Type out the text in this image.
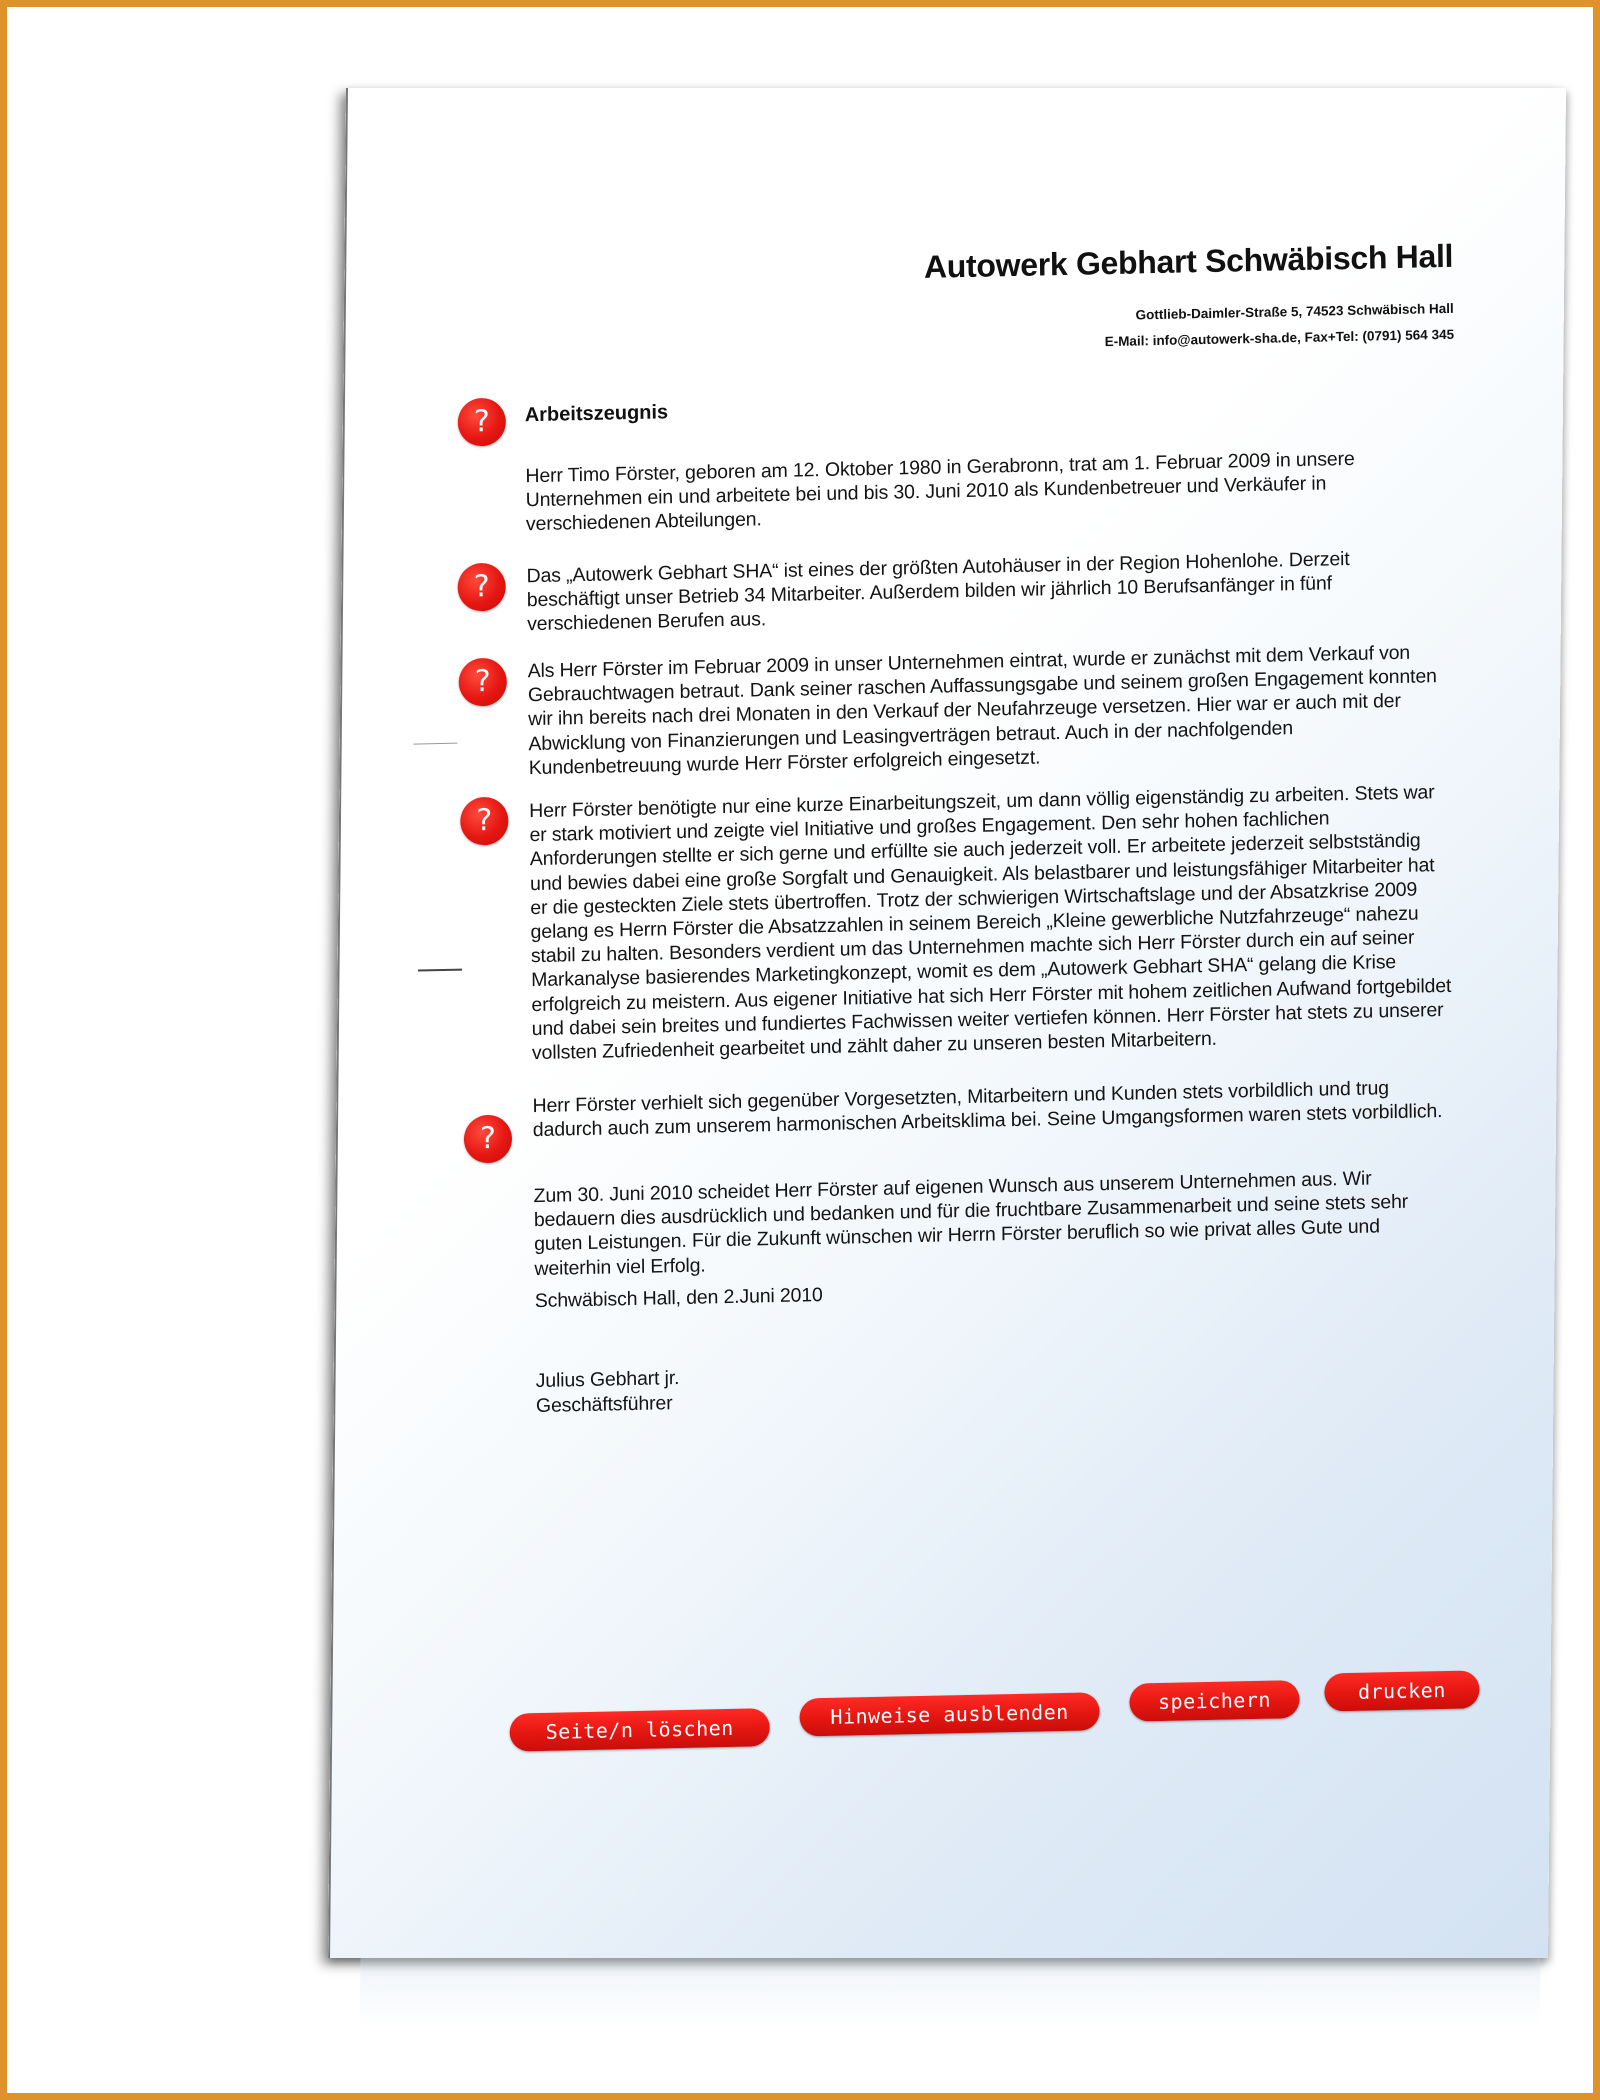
Autowerk Gebhart Schwäbisch Hall
Gottlieb-Daimler-Straße 5, 74523 Schwäbisch Hall
E-Mail: info@autowerk-sha.de, Fax+Tel: (0791) 564 345
?	Arbeitszeugnis
Herr Timo Förster, geboren am 12. Oktober 1980 in Gerabronn, trat am 1. Februar 2009 in unsere Unternehmen ein und arbeitete bei und bis 30. Juni 2010 als Kundenbetreuer und Verkäufer in verschiedenen Abteilungen.
?	Das „Autowerk Gebhart SHA“ ist eines der größten Autohäuser in der Region Hohenlohe. Derzeit beschäftigt unser Betrieb 34 Mitarbeiter. Außerdem bilden wir jährlich 10 Berufsanfänger in fünf verschiedenen Berufen aus.
?	Als Herr Förster im Februar 2009 in unser Unternehmen eintrat, wurde er zunächst mit dem Verkauf von Gebrauchtwagen betraut. Dank seiner raschen Auffassungsgabe und seinem großen Engagement konnten wir ihn bereits nach drei Monaten in den Verkauf der Neufahrzeuge versetzen. Hier war er auch mit der Abwicklung von Finanzierungen und Leasingverträgen betraut. Auch in der nachfolgenden Kundenbetreuung wurde Herr Förster erfolgreich eingesetzt.
?	Herr Förster benötigte nur eine kurze Einarbeitungszeit, um dann völlig eigenständig zu arbeiten. Stets war er stark motiviert und zeigte viel Initiative und großes Engagement. Den sehr hohen fachlichen Anforderungen stellte er sich gerne und erfüllte sie auch jederzeit voll. Er arbeitete jederzeit selbstständig und bewies dabei eine große Sorgfalt und Genauigkeit. Als belastbarer und leistungsfähiger Mitarbeiter hat er die gesteckten Ziele stets übertroffen. Trotz der schwierigen Wirtschaftslage und der Absatzkrise 2009 gelang es Herrn Förster die Absatzzahlen in seinem Bereich „Kleine gewerbliche Nutzfahrzeuge“ nahezu stabil zu halten. Besonders verdient um das Unternehmen machte sich Herr Förster durch ein auf seiner Markanalyse basierendes Marketingkonzept, womit es dem „Autowerk Gebhart SHA“ gelang die Krise erfolgreich zu meistern. Aus eigener Initiative hat sich Herr Förster mit hohem zeitlichen Aufwand fortgebildet und dabei sein breites und fundiertes Fachwissen weiter vertiefen können. Herr Förster hat stets zu unserer vollsten Zufriedenheit gearbeitet und zählt daher zu unseren besten Mitarbeitern.
Herr Förster verhielt sich gegenüber Vorgesetzten, Mitarbeitern und Kunden stets vorbildlich und trug dadurch auch zum unserem harmonischen Arbeitsklima bei. Seine Umgangsformen waren stets vorbildlich.
?
Zum 30. Juni 2010 scheidet Herr Förster auf eigenen Wunsch aus unserem Unternehmen aus. Wir bedauern dies ausdrücklich und bedanken und für die fruchtbare Zusammenarbeit und seine stets sehr guten Leistungen. Für die Zukunft wünschen wir Herrn Förster beruflich so wie privat alles Gute und weiterhin viel Erfolg.
Schwäbisch Hall, den 2.Juni 2010
Julius Gebhart jr.
Geschäftsführer
Seite/n löschen
Hinweise ausblenden	speichern	drucken
